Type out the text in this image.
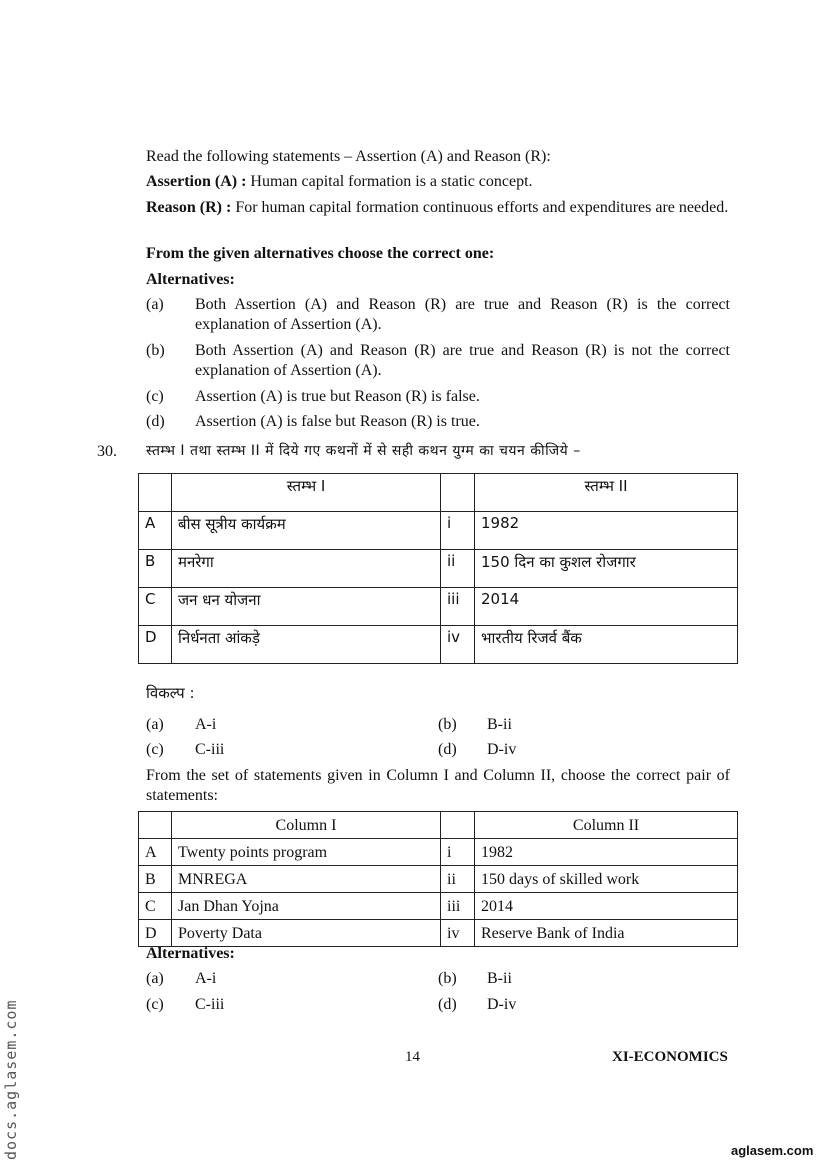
Read the following statements – Assertion (A) and Reason (R):
Assertion (A) : Human capital formation is a static concept.
Reason (R) : For human capital formation continuous efforts and expenditures are needed.
From the given alternatives choose the correct one:
Alternatives:
(a) Both Assertion (A) and Reason (R) are true and Reason (R) is the correct explanation of Assertion (A).
(b) Both Assertion (A) and Reason (R) are true and Reason (R) is not the correct explanation of Assertion (A).
(c) Assertion (A) is true but Reason (R) is false.
(d) Assertion (A) is false but Reason (R) is true.
30. स्तम्भ I तथा स्तम्भ II में दिये गए कथनों में से सही कथन युग्म का चयन कीजिये –
	स्तम्भ I		स्तम्भ II
A	बीस सूत्रीय कार्यक्रम	i	1982
B	मनरेगा	ii	150 दिन का कुशल रोजगार
C	जन धन योजना	iii	2014
D	निर्धनता आंकड़े	iv	भारतीय रिजर्व बैंक
विकल्प :
(a) A-i	(b) B-ii
(c) C-iii	(d) D-iv
From the set of statements given in Column I and Column II, choose the correct pair of statements:
	Column I		Column II
A	Twenty points program	i	1982
B	MNREGA	ii	150 days of skilled work
C	Jan Dhan Yojna	iii	2014
D	Poverty Data	iv	Reserve Bank of India
Alternatives:
(a) A-i	(b) B-ii
(c) C-iii	(d) D-iv
14	XI-ECONOMICS
docs.aglasem.com	aglasem.com
